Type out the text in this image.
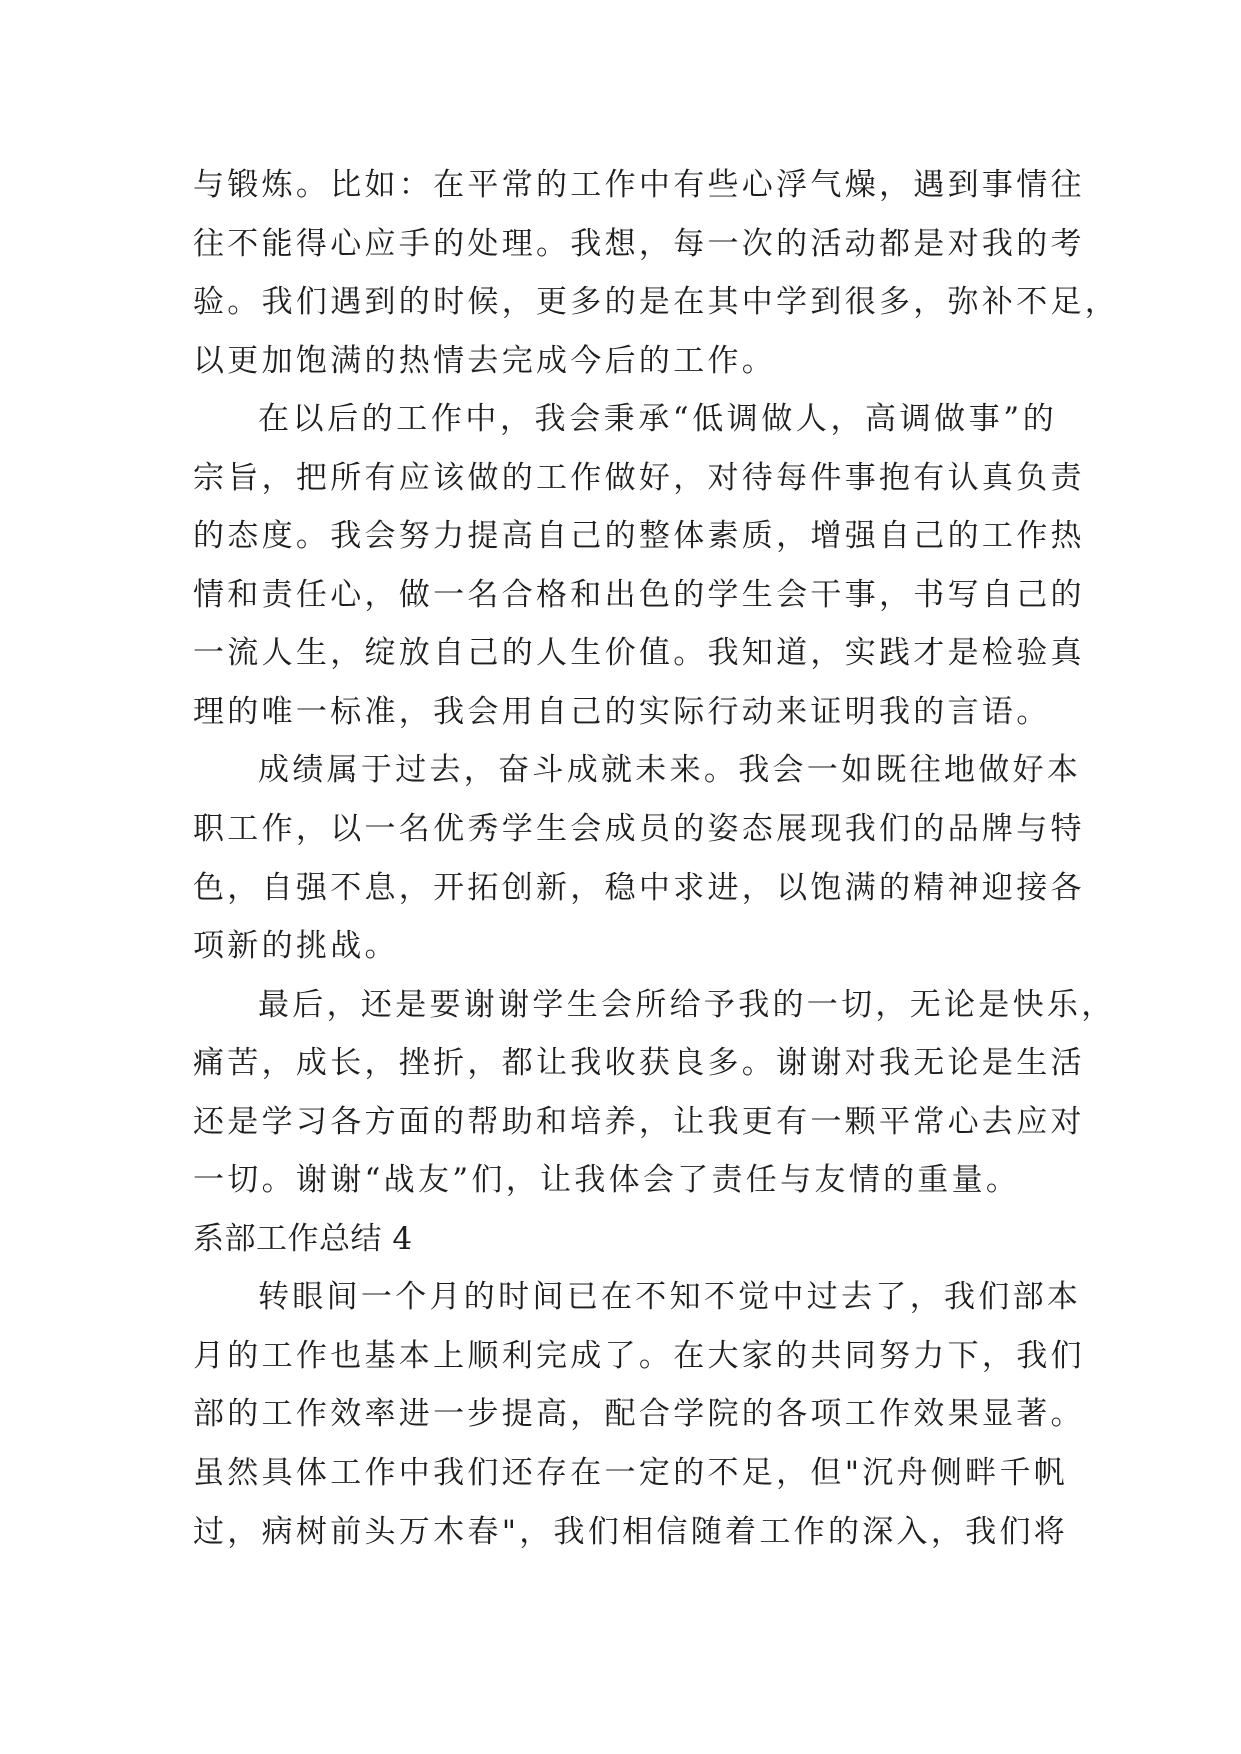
与锻炼。比如：在平常的工作中有些心浮气燥，遇到事情往
往不能得心应手的处理。我想，每一次的活动都是对我的考
验。我们遇到的时候，更多的是在其中学到很多，弥补不足，
以更加饱满的热情去完成今后的工作。
在以后的工作中，我会秉承“低调做人，高调做事”的
宗旨，把所有应该做的工作做好，对待每件事抱有认真负责
的态度。我会努力提高自己的整体素质，增强自己的工作热
情和责任心，做一名合格和出色的学生会干事，书写自己的
一流人生，绽放自己的人生价值。我知道，实践才是检验真
理的唯一标准，我会用自己的实际行动来证明我的言语。
成绩属于过去，奋斗成就未来。我会一如既往地做好本
职工作，以一名优秀学生会成员的姿态展现我们的品牌与特
色，自强不息，开拓创新，稳中求进，以饱满的精神迎接各
项新的挑战。
最后，还是要谢谢学生会所给予我的一切，无论是快乐，
痛苦，成长，挫折，都让我收获良多。谢谢对我无论是生活
还是学习各方面的帮助和培养，让我更有一颗平常心去应对
一切。谢谢“战友”们，让我体会了责任与友情的重量。
系部工作总结 4
转眼间一个月的时间已在不知不觉中过去了，我们部本
月的工作也基本上顺利完成了。在大家的共同努力下，我们
部的工作效率进一步提高，配合学院的各项工作效果显著。
虽然具体工作中我们还存在一定的不足，但"沉舟侧畔千帆
过，病树前头万木春"，我们相信随着工作的深入，我们将
